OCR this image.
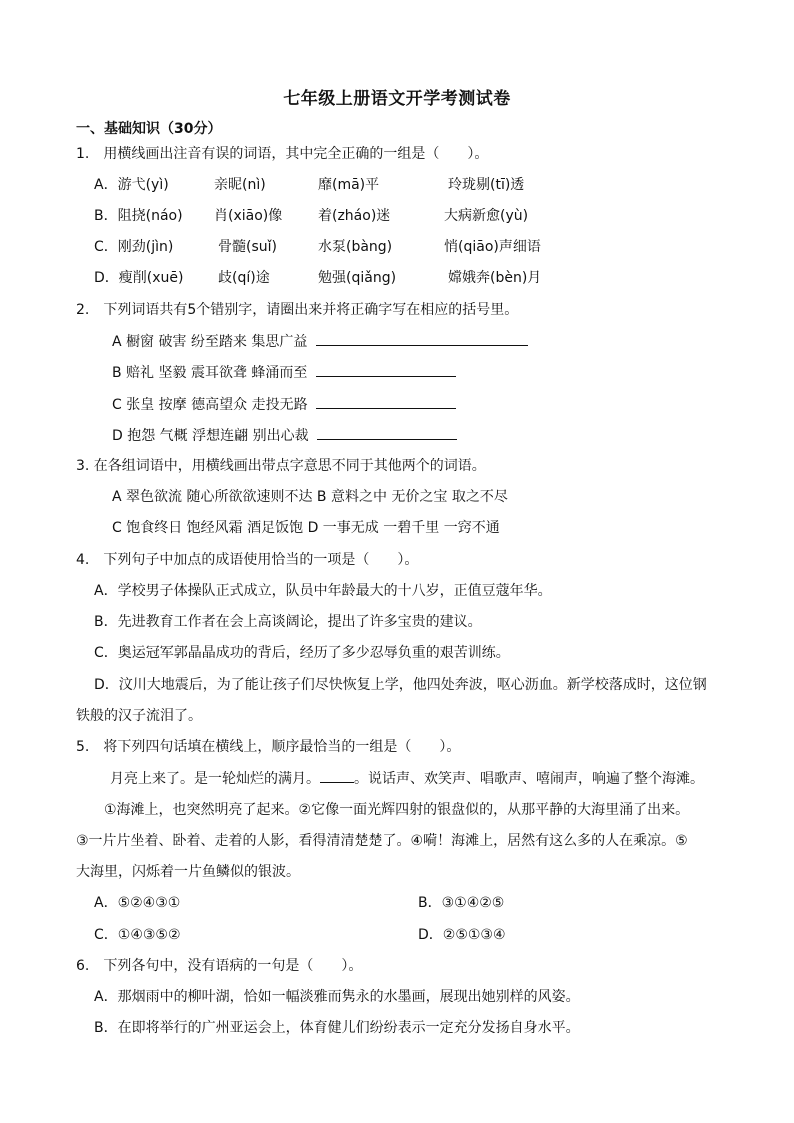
七年级上册语文开学考测试卷
一、基础知识（30分）
1.　用横线画出注音有误的词语，其中完全正确的一组是（　　）。
A．游弋(yì)	亲昵(nì)	靡(mā)平	玲珑剔(tī)透
B．阻挠(náo) 肖(xiāo)像	着(zháo)迷	大病新愈(yù)
C．刚劲(jìn)	骨髓(suǐ)	水泵(bàng)	悄(qiāo)声细语
D．瘦削(xuē) 歧(qí)途	勉强(qiǎng)	嫦娥奔(bèn)月
2.　下列词语共有5个错别字，请圈出来并将正确字写在相应的括号里。
A 橱窗 破害 纷至踏来 集思广益
B 赔礼 坚毅 震耳欲聋 蜂涌而至
C 张皇 按摩 德高望众 走投无路
D 抱怨 气概 浮想连翩 别出心裁
3. 在各组词语中，用横线画出带点字意思不同于其他两个的词语。
A 翠色欲流 随心所欲欲速则不达 B 意料之中 无价之宝 取之不尽
C 饱食终日 饱经风霜 酒足饭饱 D 一事无成 一碧千里 一窍不通
4.　下列句子中加点的成语使用恰当的一项是（　　）。
A．学校男子体操队正式成立，队员中年龄最大的十八岁，正值豆蔻年华。
B．先进教育工作者在会上高谈阔论，提出了许多宝贵的建议。
C．奥运冠军郭晶晶成功的背后，经历了多少忍辱负重的艰苦训练。
D．汶川大地震后，为了能让孩子们尽快恢复上学，他四处奔波，呕心沥血。新学校落成时，这位钢
铁般的汉子流泪了。
5.　将下列四句话填在横线上，顺序最恰当的一组是（　　）。
月亮上来了。是一轮灿烂的满月。 。说话声、欢笑声、唱歌声、嘻闹声，响遍了整个海滩。
①海滩上，也突然明亮了起来。②它像一面光辉四射的银盘似的，从那平静的大海里涌了出来。
③一片片坐着、卧着、走着的人影，看得清清楚楚了。④嗬！海滩上，居然有这么多的人在乘凉。⑤
大海里，闪烁着一片鱼鳞似的银波。
A．⑤②④③①	B．③①④②⑤
C．①④③⑤②	D．②⑤①③④
6.　下列各句中，没有语病的一句是（　　）。
A．那烟雨中的柳叶湖，恰如一幅淡雅而隽永的水墨画，展现出她别样的风姿。
B．在即将举行的广州亚运会上，体育健儿们纷纷表示一定充分发扬自身水平。
